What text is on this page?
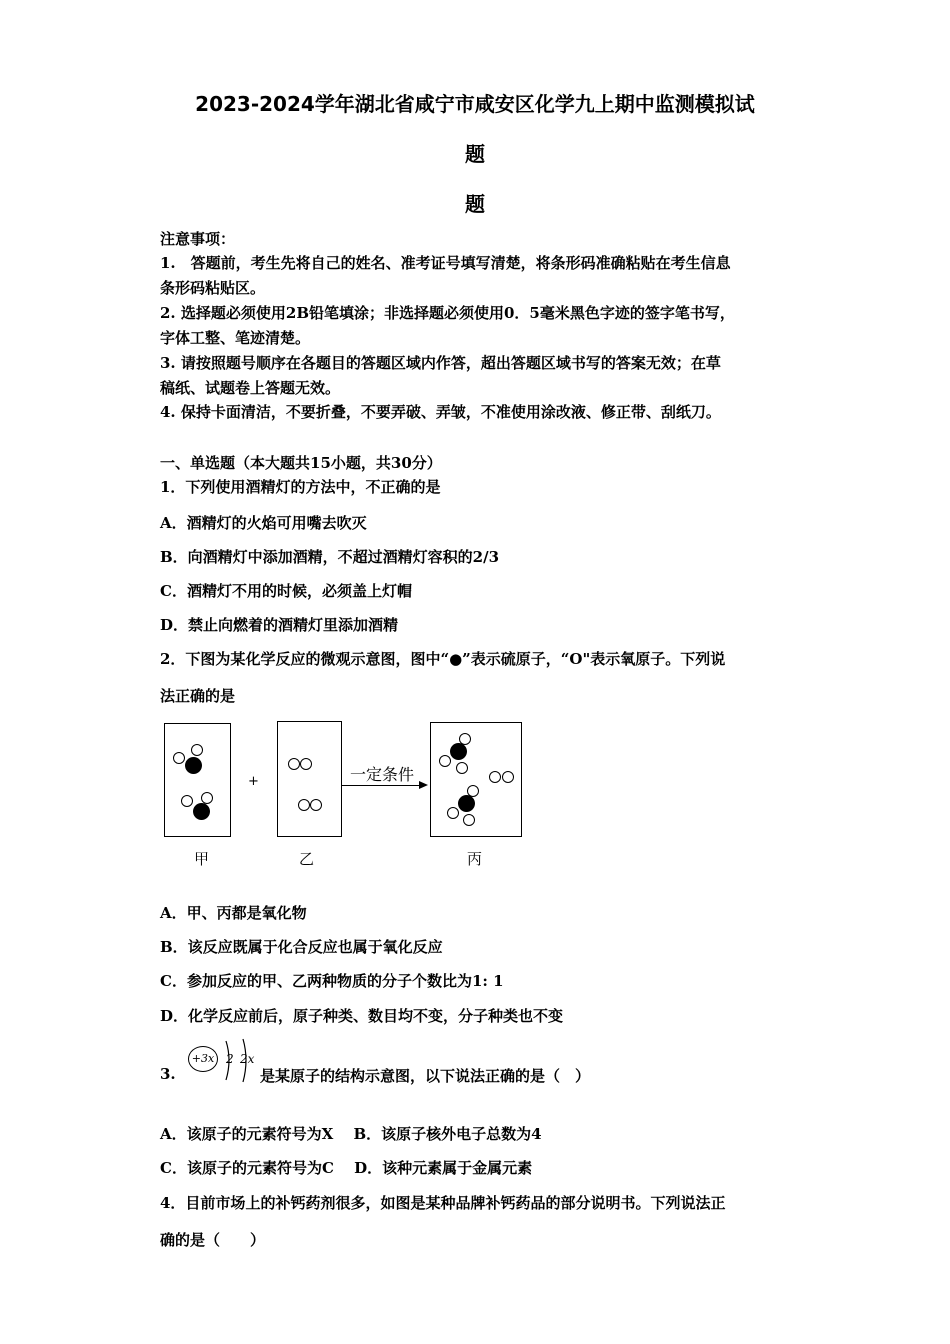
2023-2024学年湖北省咸宁市咸安区化学九上期中监测模拟试
题
题
注意事项：
1.　答题前，考生先将自己的姓名、准考证号填写清楚，将条形码准确粘贴在考生信息
条形码粘贴区。
2. 选择题必须使用2B铅笔填涂；非选择题必须使用0．5毫米黑色字迹的签字笔书写，
字体工整、笔迹清楚。
3. 请按照题号顺序在各题目的答题区域内作答，超出答题区域书写的答案无效；在草
稿纸、试题卷上答题无效。
4. 保持卡面清洁，不要折叠，不要弄破、弄皱，不准使用涂改液、修正带、刮纸刀。
一、单选题（本大题共15小题，共30分）
1．下列使用酒精灯的方法中，不正确的是
A．酒精灯的火焰可用嘴去吹灭
B．向酒精灯中添加酒精，不超过酒精灯容积的2/3
C．酒精灯不用的时候，必须盖上灯帽
D．禁止向燃着的酒精灯里添加酒精
2．下图为某化学反应的微观示意图，图中“●”表示硫原子，“O"表示氧原子。下列说
法正确的是
+	一定条件
甲	乙	丙
A．甲、丙都是氧化物
B．该反应既属于化合反应也属于氧化反应
C．参加反应的甲、乙两种物质的分子个数比为1: 1
D．化学反应前后，原子种类、数目均不变，分子种类也不变
3.
+3x 2 2x
是某原子的结构示意图，以下说法正确的是（　）
A．该原子的元素符号为X　 B．该原子核外电子总数为4
C．该原子的元素符号为C　 D．该种元素属于金属元素
4．目前市场上的补钙药剂很多，如图是某种品牌补钙药品的部分说明书。下列说法正
确的是（　　）
